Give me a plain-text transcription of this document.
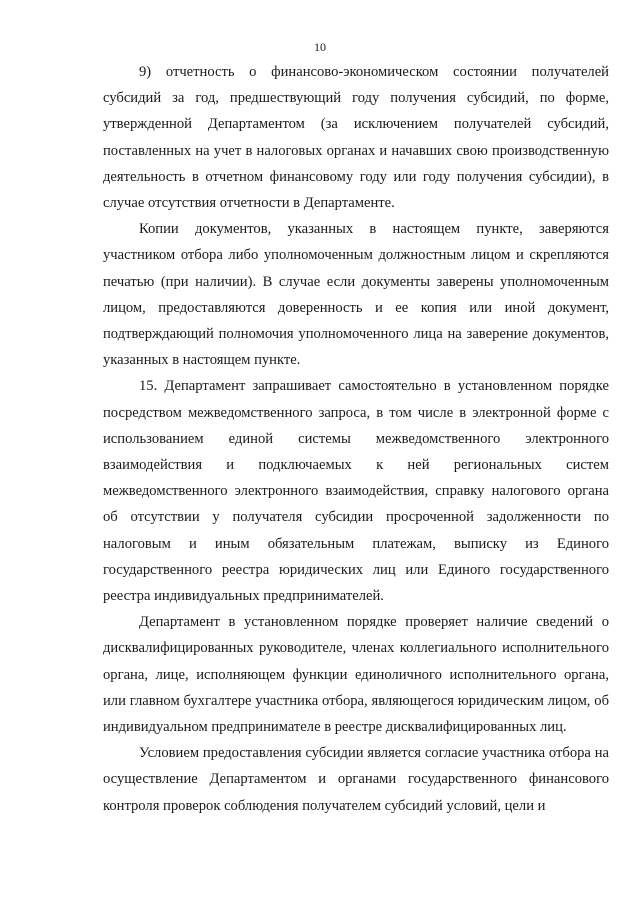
10

9) отчетность о финансово-экономическом состоянии получателей субсидий за год, предшествующий году получения субсидий, по форме, утвержденной Департаментом (за исключением получателей субсидий, поставленных на учет в налоговых органах и начавших свою производственную деятельность в отчетном финансовому году или году получения субсидии), в случае отсутствия отчетности в Департаменте.

Копии документов, указанных в настоящем пункте, заверяются участником отбора либо уполномоченным должностным лицом и скрепляются печатью (при наличии). В случае если документы заверены уполномоченным лицом, предоставляются доверенность и ее копия или иной документ, подтверждающий полномочия уполномоченного лица на заверение документов, указанных в настоящем пункте.

15. Департамент запрашивает самостоятельно в установленном порядке посредством межведомственного запроса, в том числе в электронной форме с использованием единой системы межведомственного электронного взаимодействия и подключаемых к ней региональных систем межведомственного электронного взаимодействия, справку налогового органа об отсутствии у получателя субсидии просроченной задолженности по налоговым и иным обязательным платежам, выписку из Единого государственного реестра юридических лиц или Единого государственного реестра индивидуальных предпринимателей.

Департамент в установленном порядке проверяет наличие сведений о дисквалифицированных руководителе, членах коллегиального исполнительного органа, лице, исполняющем функции единоличного исполнительного органа, или главном бухгалтере участника отбора, являющегося юридическим лицом, об индивидуальном предпринимателе в реестре дисквалифицированных лиц.

Условием предоставления субсидии является согласие участника отбора на осуществление Департаментом и органами государственного финансового контроля проверок соблюдения получателем субсидий условий, цели и
